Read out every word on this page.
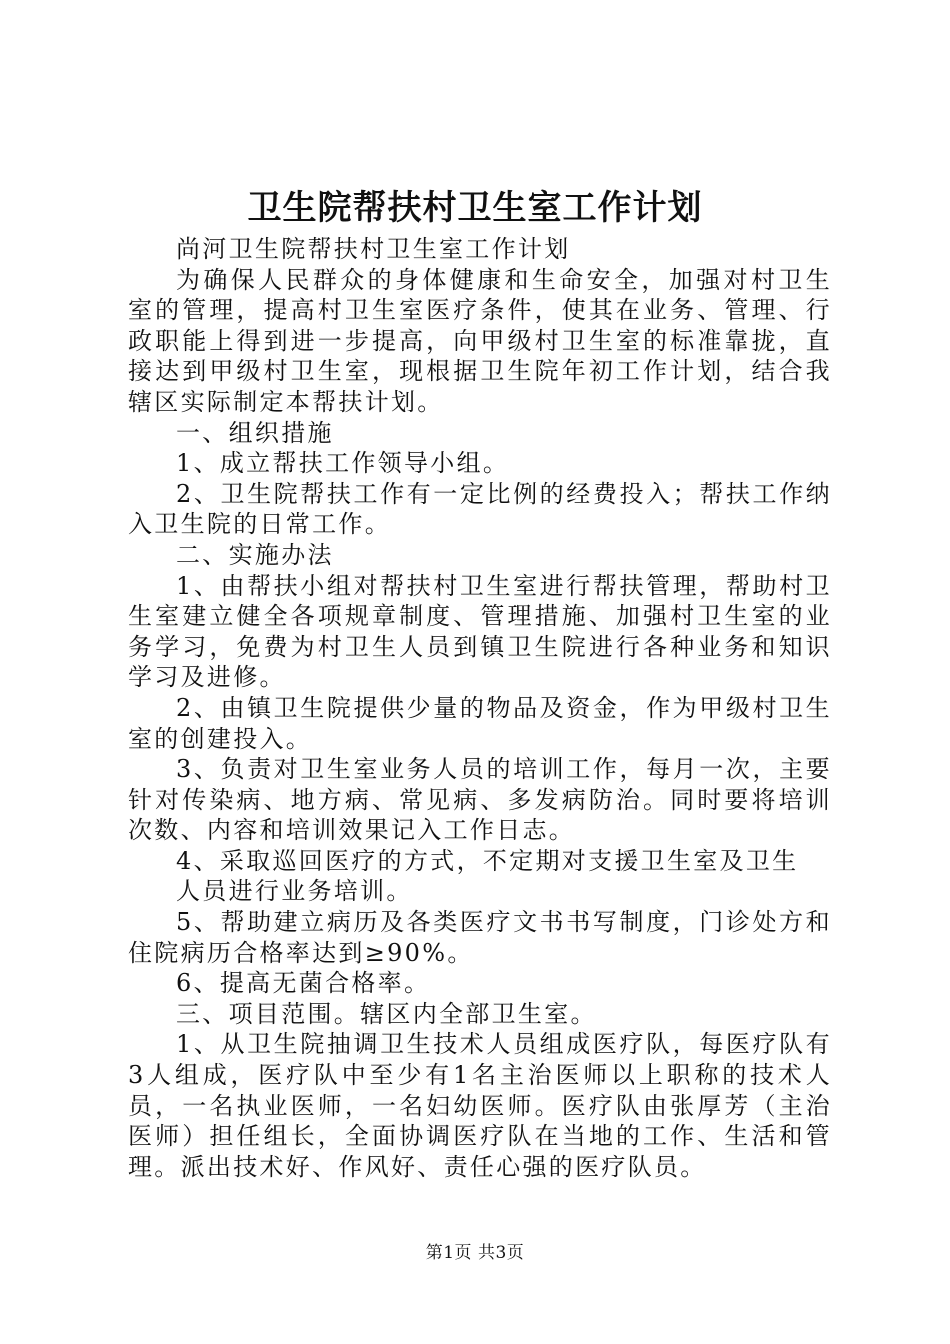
卫生院帮扶村卫生室工作计划

尚河卫生院帮扶村卫生室工作计划

为确保人民群众的身体健康和生命安全，加强对村卫生室的管理，提高村卫生室医疗条件，使其在业务、管理、行政职能上得到进一步提高，向甲级村卫生室的标准靠拢，直接达到甲级村卫生室，现根据卫生院年初工作计划，结合我辖区实际制定本帮扶计划。

一、组织措施

1、成立帮扶工作领导小组。

2、卫生院帮扶工作有一定比例的经费投入；帮扶工作纳入卫生院的日常工作。

二、实施办法

1、由帮扶小组对帮扶村卫生室进行帮扶管理，帮助村卫生室建立健全各项规章制度、管理措施、加强村卫生室的业务学习，免费为村卫生人员到镇卫生院进行各种业务和知识学习及进修。

2、由镇卫生院提供少量的物品及资金，作为甲级村卫生室的创建投入。

3、负责对卫生室业务人员的培训工作，每月一次，主要针对传染病、地方病、常见病、多发病防治。同时要将培训次数、内容和培训效果记入工作日志。

4、采取巡回医疗的方式，不定期对支援卫生室及卫生

人员进行业务培训。

5、帮助建立病历及各类医疗文书书写制度，门诊处方和住院病历合格率达到≥90%。

6、提高无菌合格率。

三、项目范围。辖区内全部卫生室。

1、从卫生院抽调卫生技术人员组成医疗队，每医疗队有3人组成，医疗队中至少有1名主治医师以上职称的技术人员，一名执业医师，一名妇幼医师。医疗队由张厚芳（主治医师）担任组长，全面协调医疗队在当地的工作、生活和管理。派出技术好、作风好、责任心强的医疗队员。

第1页 共3页
